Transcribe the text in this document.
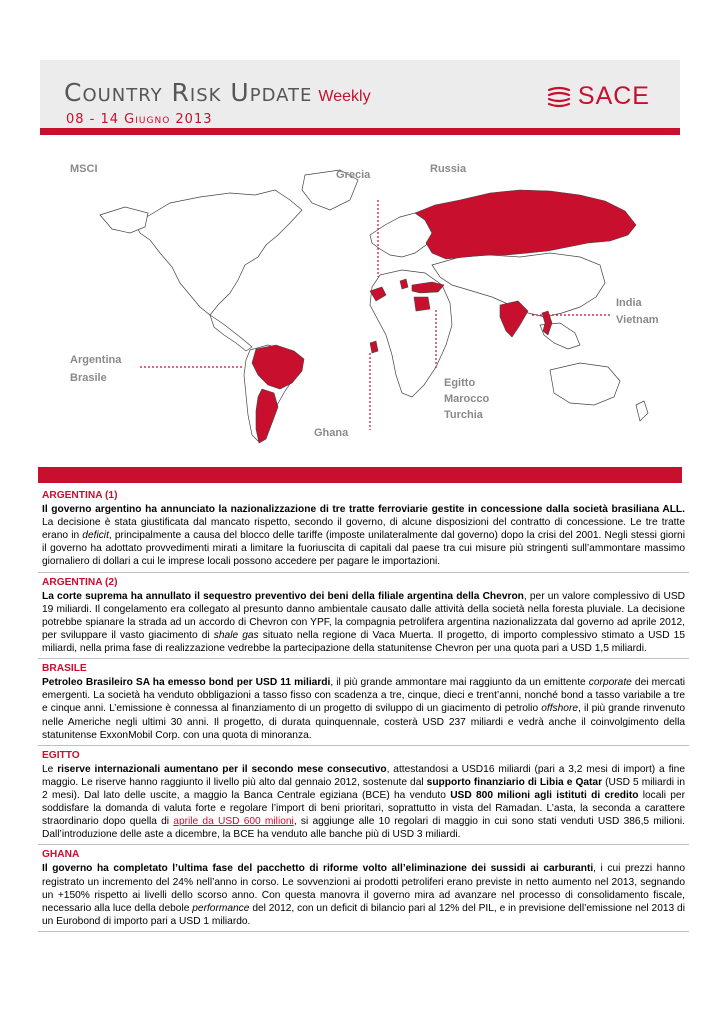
Country Risk Update Weekly
08 - 14 Giugno 2013
SACE
MSCI	Grecia	Russia
India
Vietnam
Argentina
Brasile	Egitto
Marocco
Turchia
Ghana
ARGENTINA (1)
Il governo argentino ha annunciato la nazionalizzazione di tre tratte ferroviarie gestite in concessione dalla società brasiliana ALL. La decisione è stata giustificata dal mancato rispetto, secondo il governo, di alcune disposizioni del contratto di concessione. Le tre tratte erano in deficit, principalmente a causa del blocco delle tariffe (imposte unilateralmente dal governo) dopo la crisi del 2001. Negli stessi giorni il governo ha adottato provvedimenti mirati a limitare la fuoriuscita di capitali dal paese tra cui misure più stringenti sull’ammontare massimo giornaliero di dollari a cui le imprese locali possono accedere per pagare le importazioni.
ARGENTINA (2)
La corte suprema ha annullato il sequestro preventivo dei beni della filiale argentina della Chevron, per un valore complessivo di USD 19 miliardi. Il congelamento era collegato al presunto danno ambientale causato dalle attività della società nella foresta pluviale. La decisione potrebbe spianare la strada ad un accordo di Chevron con YPF, la compagnia petrolifera argentina nazionalizzata dal governo ad aprile 2012, per sviluppare il vasto giacimento di shale gas situato nella regione di Vaca Muerta. Il progetto, di importo complessivo stimato a USD 15 miliardi, nella prima fase di realizzazione vedrebbe la partecipazione della statunitense Chevron per una quota pari a USD 1,5 miliardi.
BRASILE
Petroleo Brasileiro SA ha emesso bond per USD 11 miliardi, il più grande ammontare mai raggiunto da un emittente corporate dei mercati emergenti. La società ha venduto obbligazioni a tasso fisso con scadenza a tre, cinque, dieci e trent’anni, nonché bond a tasso variabile a tre e cinque anni. L’emissione è connessa al finanziamento di un progetto di sviluppo di un giacimento di petrolio offshore, il più grande rinvenuto nelle Americhe negli ultimi 30 anni. Il progetto, di durata quinquennale, costerà USD 237 miliardi e vedrà anche il coinvolgimento della statunitense ExxonMobil Corp. con una quota di minoranza.
EGITTO
Le riserve internazionali aumentano per il secondo mese consecutivo, attestandosi a USD16 miliardi (pari a 3,2 mesi di import) a fine maggio. Le riserve hanno raggiunto il livello più alto dal gennaio 2012, sostenute dal supporto finanziario di Libia e Qatar (USD 5 miliardi in 2 mesi). Dal lato delle uscite, a maggio la Banca Centrale egiziana (BCE) ha venduto USD 800 milioni agli istituti di credito locali per soddisfare la domanda di valuta forte e regolare l’import di beni prioritari, soprattutto in vista del Ramadan. L’asta, la seconda a carattere straordinario dopo quella di aprile da USD 600 milioni, si aggiunge alle 10 regolari di maggio in cui sono stati venduti USD 386,5 milioni. Dall’introduzione delle aste a dicembre, la BCE ha venduto alle banche più di USD 3 miliardi.
GHANA
Il governo ha completato l’ultima fase del pacchetto di riforme volto all’eliminazione dei sussidi ai carburanti, i cui prezzi hanno registrato un incremento del 24% nell’anno in corso. Le sovvenzioni ai prodotti petroliferi erano previste in netto aumento nel 2013, segnando un +150% rispetto ai livelli dello scorso anno. Con questa manovra il governo mira ad avanzare nel processo di consolidamento fiscale, necessario alla luce della debole performance del 2012, con un deficit di bilancio pari al 12% del PIL, e in previsione dell’emissione nel 2013 di un Eurobond di importo pari a USD 1 miliardo.
